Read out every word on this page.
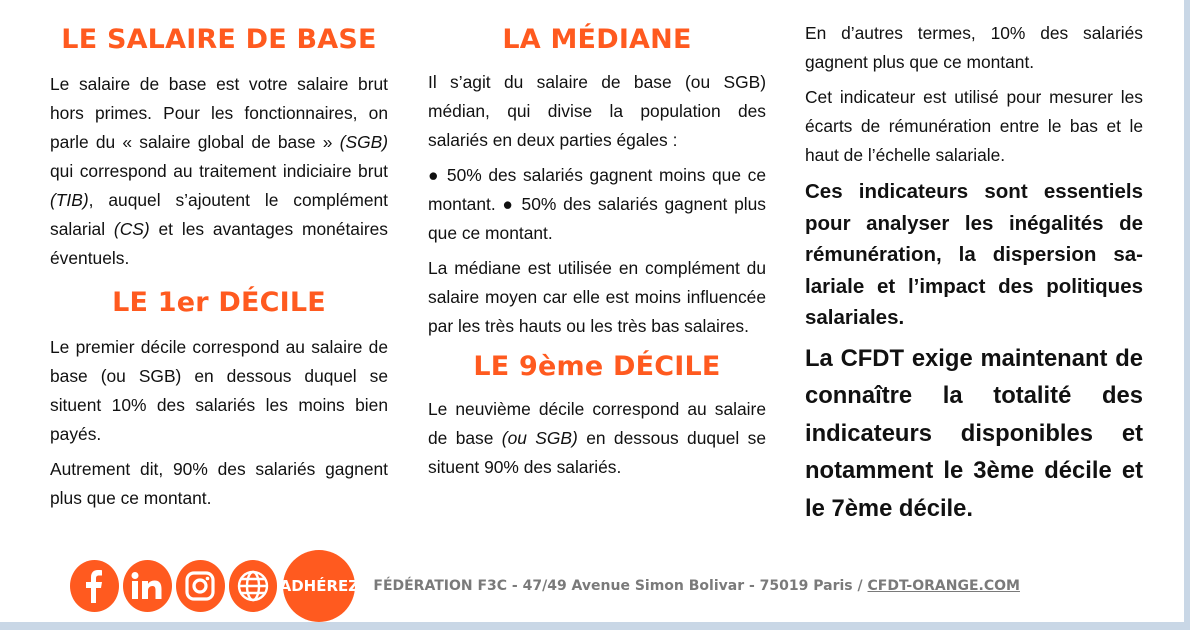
LE SALAIRE DE BASE

Le salaire de base est votre salaire brut hors primes. Pour les fonctionnaires, on parle du « salaire global de base » (SGB) qui correspond au traitement indiciaire brut (TIB), auquel s’ajoutent le complément salarial (CS) et les avantages monétaires éventuels.

LE 1er DÉCILE

Le premier décile correspond au salaire de base (ou SGB) en dessous duquel se situent 10% des salariés les moins bien payés.

Autrement dit, 90% des salariés gagnent plus que ce montant.

LA MÉDIANE

Il s’agit du salaire de base (ou SGB) médian, qui divise la population des salariés en deux parties égales :

● 50% des salariés gagnent moins que ce montant. ● 50% des salariés gagnent plus que ce montant.

La médiane est utilisée en complément du salaire moyen car elle est moins influencée par les très hauts ou les très bas salaires.

LE 9ème DÉCILE

Le neuvième décile correspond au salaire de base (ou SGB) en dessous duquel se situent 90% des salariés.

En d’autres termes, 10% des salariés gagnent plus que ce montant.

Cet indicateur est utilisé pour mesurer les écarts de rémunération entre le bas et le haut de l’échelle salariale.

Ces indicateurs sont essentiels pour analyser les inégalités de rémunération, la dispersion salariale et l’impact des politiques salariales.

La CFDT exige maintenant de connaître la totalité des indicateurs disponibles et notamment le 3ème décile et le 7ème décile.

ADHÉREZ FÉDÉRATION F3C - 47/49 Avenue Simon Bolivar - 75019 Paris / CFDT-ORANGE.COM
